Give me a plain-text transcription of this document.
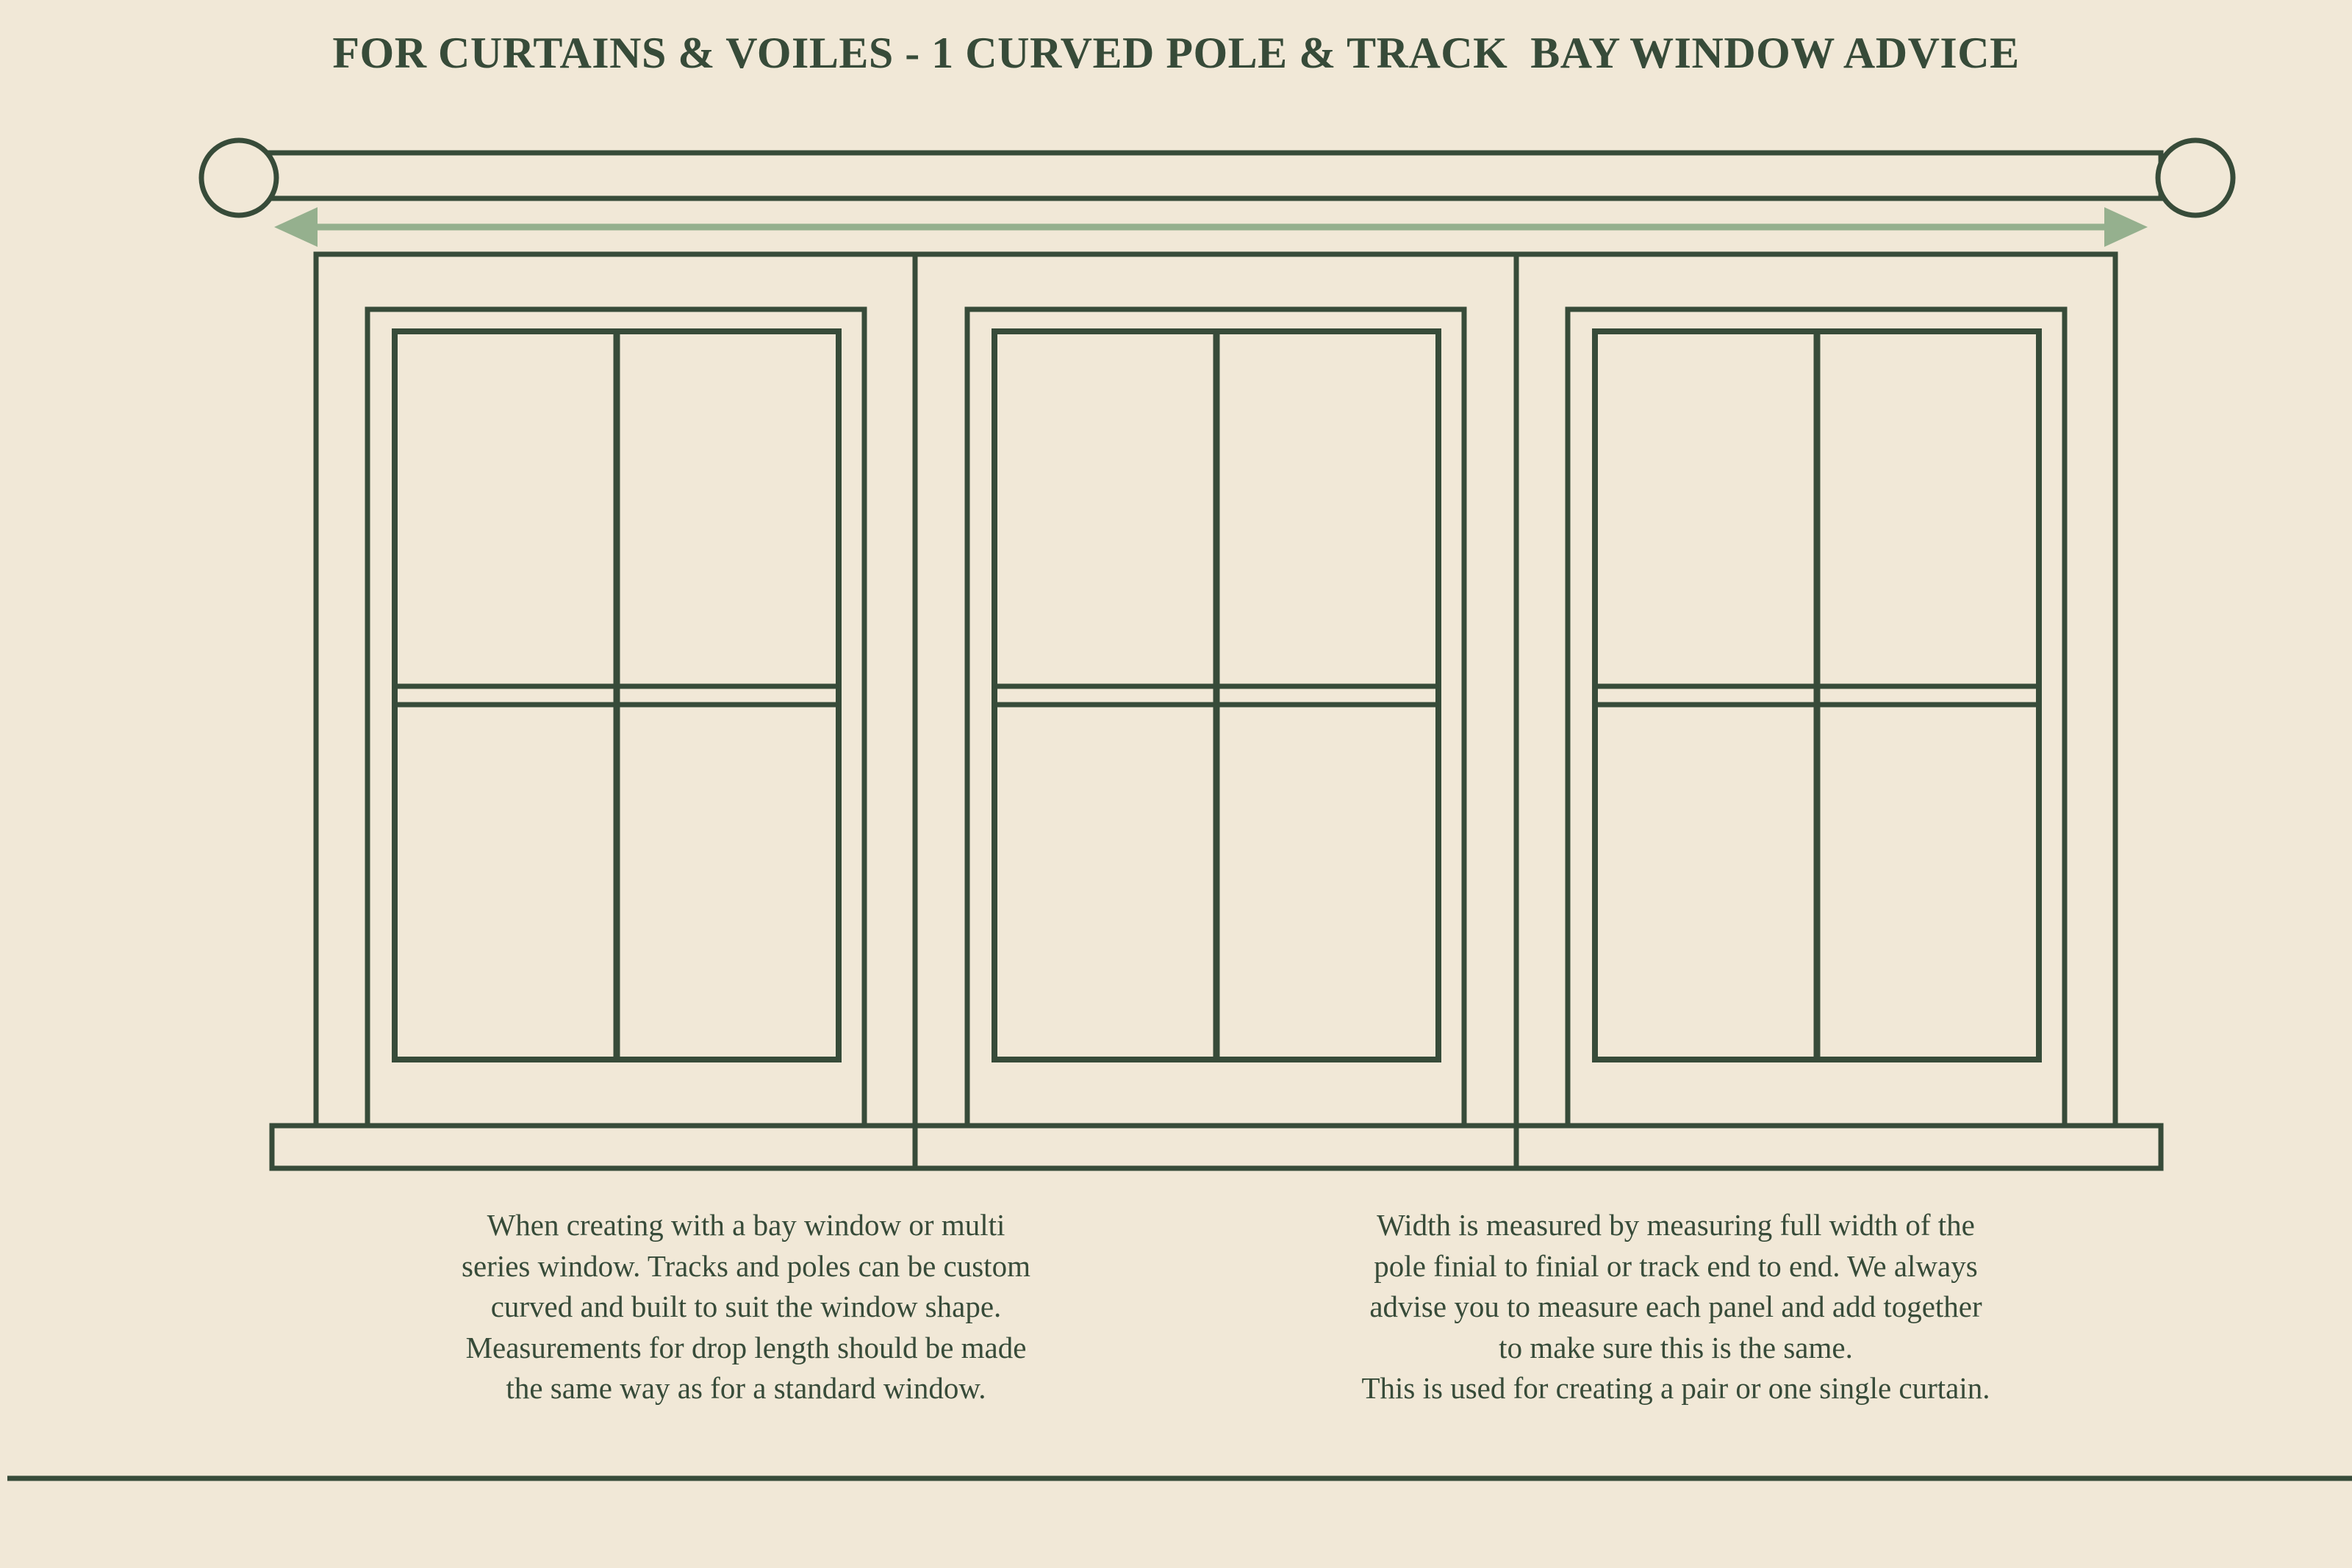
FOR CURTAINS & VOILES - 1 CURVED POLE & TRACK  BAY WINDOW ADVICE
When creating with a bay window or multi
series window. Tracks and poles can be custom
curved and built to suit the window shape.
Measurements for drop length should be made
the same way as for a standard window.
Width is measured by measuring full width of the
pole finial to finial or track end to end. We always
advise you to measure each panel and add together
to make sure this is the same.
This is used for creating a pair or one single curtain.
